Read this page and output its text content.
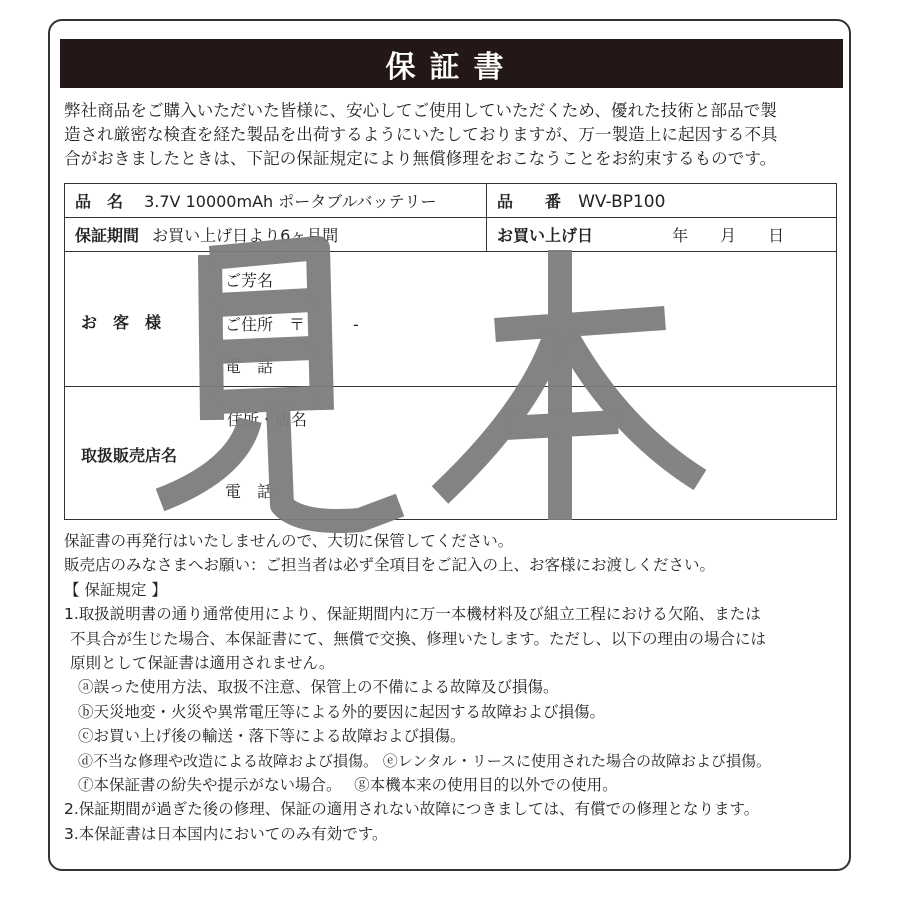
保証書
弊社商品をご購入いただいた皆様に、安心してご使用していただくため、優れた技術と部品で製
造され厳密な検査を経た製品を出荷するようにいたしておりますが、万一製造上に起因する不具
合がおきましたときは、下記の保証規定により無償修理をおこなうことをお約束するものです。
品　名 3.7V 10000mAh ポータブルバッテリー	品　　番 WV-BP100
保証期間 お買い上げ日より6ヶ月間	お買い上げ日 年　　月　　日

お　客　様
ご芳名
ご住所　〒　　　-
電　話	

取扱販売店名
住所・店名
電　話	
保証書の再発行はいたしませんので、大切に保管してください。
販売店のみなさまへお願い：ご担当者は必ず全項目をご記入の上、お客様にお渡しください。
【 保証規定 】
1.取扱説明書の通り通常使用により、保証期間内に万一本機材料及び組立工程における欠陥、または
不具合が生じた場合、本保証書にて、無償で交換、修理いたします。ただし、以下の理由の場合には
原則として保証書は適用されません。
ⓐ誤った使用方法、取扱不注意、保管上の不備による故障及び損傷。
ⓑ天災地変・火災や異常電圧等による外的要因に起因する故障および損傷。
ⓒお買い上げ後の輸送・落下等による故障および損傷。
ⓓ不当な修理や改造による故障および損傷。 ⓔレンタル・リースに使用された場合の故障および損傷。
ⓕ本保証書の紛失や提示がない場合。　 ⓖ本機本来の使用目的以外での使用。
2.保証期間が過ぎた後の修理、保証の適用されない故障につきましては、有償での修理となります。
3.本保証書は日本国内においてのみ有効です。
